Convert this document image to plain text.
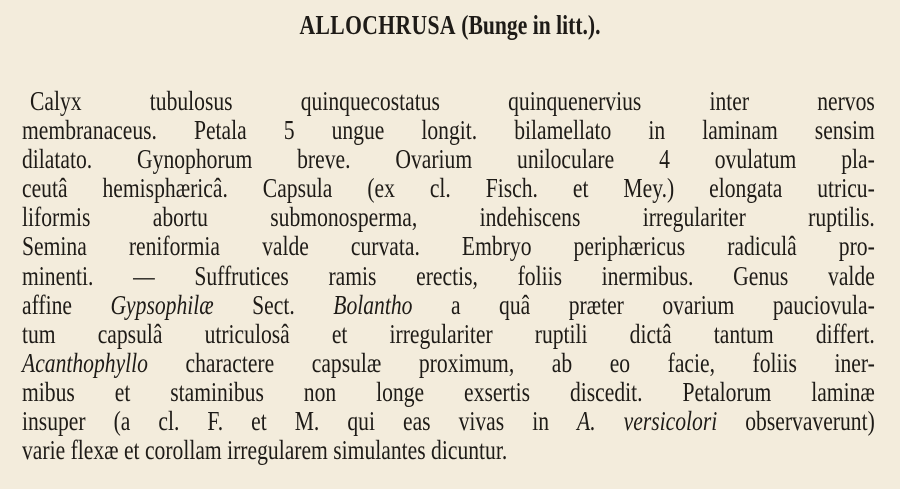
ALLOCHRUSA (Bunge in litt.).
Calyx tubulosus quinquecostatus quinquenervius inter nervos
membranaceus. Petala 5 ungue longit. bilamellato in laminam sensim
dilatato. Gynophorum breve. Ovarium uniloculare 4 ovulatum pla-
ceutâ hemisphæricâ. Capsula (ex cl. Fisch. et Mey.) elongata utricu-
liformis abortu submonosperma, indehiscens irregulariter ruptilis.
Semina reniformia valde curvata. Embryo periphæricus radiculâ pro-
minenti. — Suffrutices ramis erectis, foliis inermibus. Genus valde
affine Gypsophilæ Sect. Bolantho a quâ præter ovarium pauciovula-
tum capsulâ utriculosâ et irregulariter ruptili dictâ tantum differt.
Acanthophyllo charactere capsulæ proximum, ab eo facie, foliis iner-
mibus et staminibus non longe exsertis discedit. Petalorum laminæ
insuper (a cl. F. et M. qui eas vivas in A. versicolori observaverunt)
varie flexæ et corollam irregularem simulantes dicuntur.
